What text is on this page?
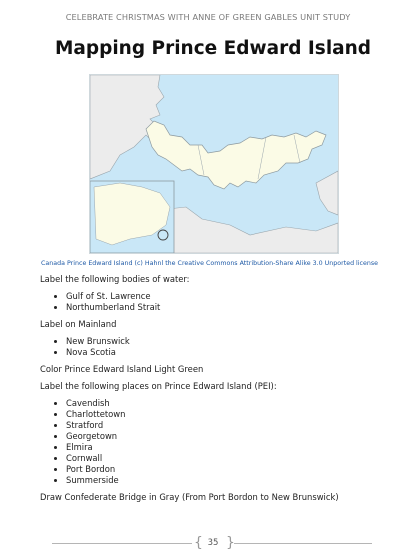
CELEBRATE CHRISTMAS WITH ANNE OF GREEN GABLES UNIT STUDY
Mapping Prince Edward Island
Canada Prince Edward Island (c) Hahnl the Creative Commons Attribution-Share Alike 3.0 Unported license

Label the following bodies of water:

• Gulf of St. Lawrence
• Northumberland Strait

Label on Mainland

• New Brunswick
• Nova Scotia

Color Prince Edward Island Light Green

Label the following places on Prince Edward Island (PEI):

• Cavendish
• Charlottetown
• Stratford
• Georgetown
• Elmira
• Cornwall
• Port Bordon
• Summerside

Draw Confederate Bridge in Gray (From Port Bordon to New Brunswick)

{ 35 }
